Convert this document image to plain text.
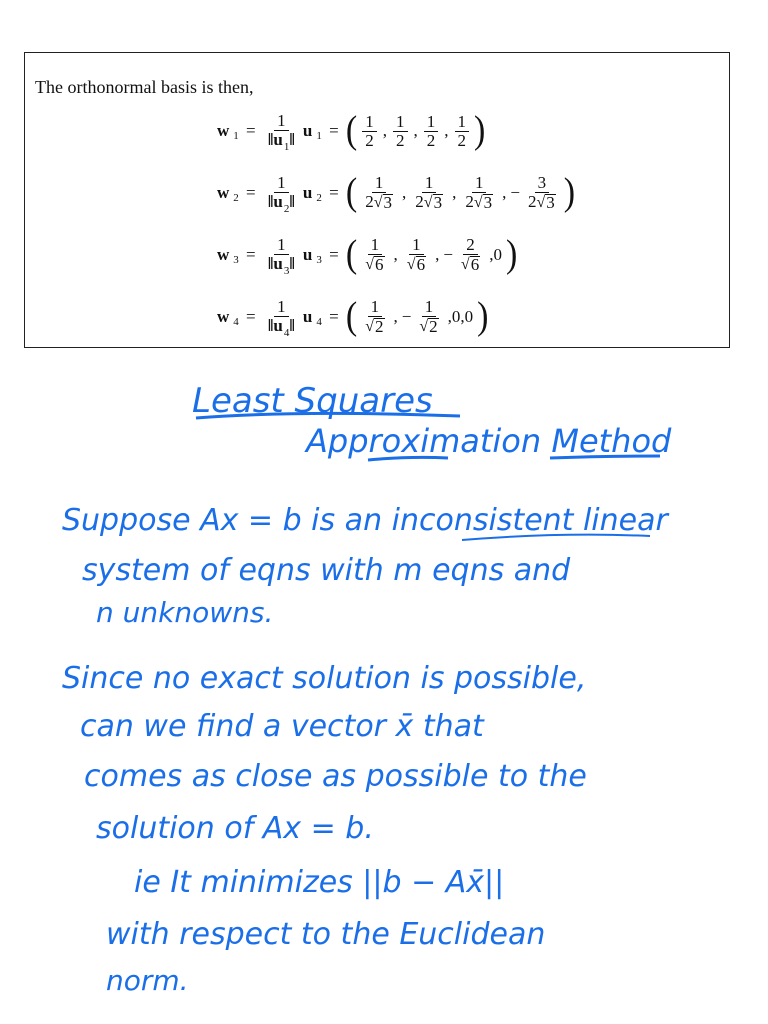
The orthonormal basis is then,
w $1 = \frac{1}{‖u_1‖}$ u 1 = ( $\frac{1}{2}$ , $\frac{1}{2}$ , $\frac{1}{2}$ , $\frac{1}{2}$ )
w $2 = \frac{1}{‖u_2‖}$ u 2 = ( $\frac{1}{2 √ 3}$ , $\frac{1}{2 √ 3}$ , $\frac{1}{2 √ 3}$ , − $\frac{3}{2 √ 3}$ )
w $3 = \frac{1}{‖u_3‖}$ u 3 = ( $\frac{1}{√ 6}$ , $\frac{1}{√ 6}$ , − $\frac{2}{√ 6} ,0$ )
w $4 = \frac{1}{‖u_4‖}$ u 4 = ( $\frac{1}{√ 2}$ , − $\frac{1}{√ 2} ,0,0$ )
Least Squares
Approximation Method
Suppose Ax = b is an inconsistent linear
system of eqns with m eqns and
n unknowns.
Since no exact solution is possible,
can we find a vector x̄ that
comes as close as possible to the
solution of Ax = b.
ie It minimizes ||b − Ax̄||
with respect to the Euclidean
norm.
